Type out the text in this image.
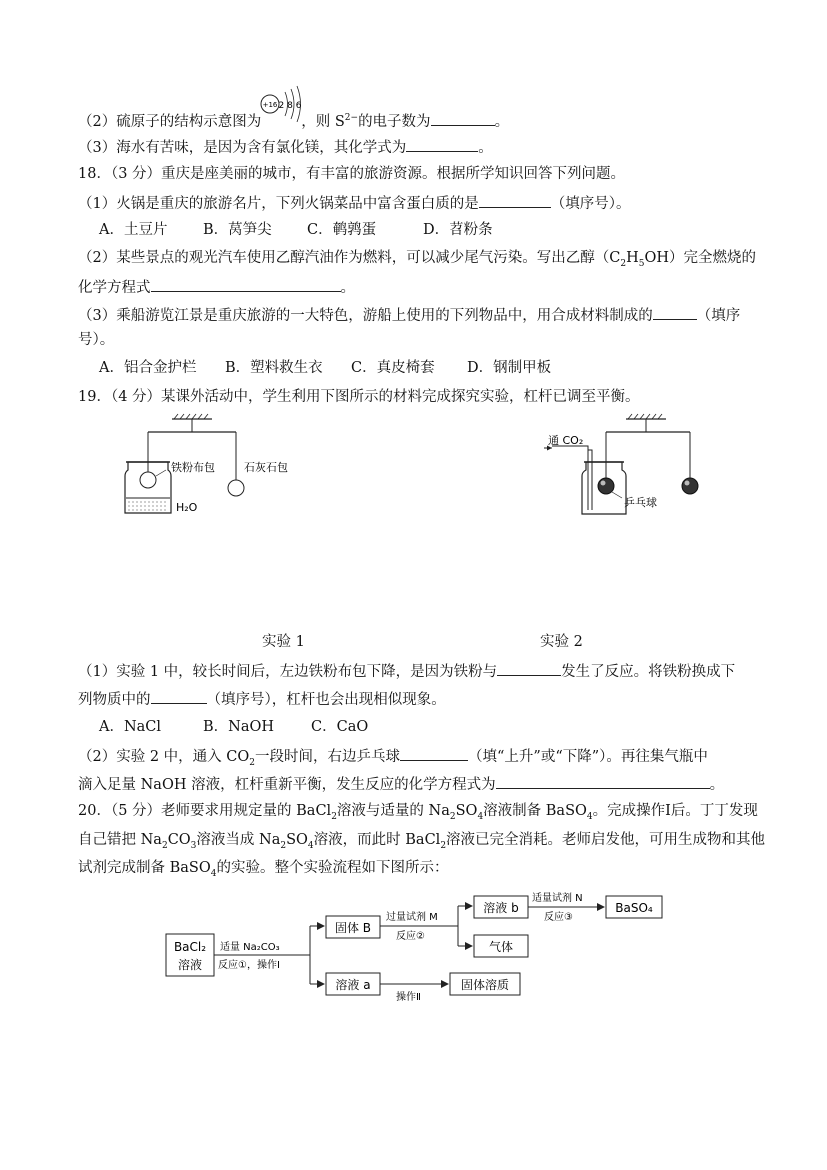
（2）硫原子的结构示意图为	，则 $S^{2-}$的电子数为	。
+16 2 8 6
（3）海水有苦味，是因为含有氯化镁，其化学式为	。
18．（3 分）重庆是座美丽的城市，有丰富的旅游资源。根据所学知识回答下列问题。
（1）火锅是重庆的旅游名片，下列火锅菜品中富含蛋白质的是	（填序号）。
A．土豆片 B．莴笋尖 C．鹌鹑蛋	D．苕粉条
（2）某些景点的观光汽车使用乙醇汽油作为燃料，可以减少尾气污染。写出乙醇$(C_2H_5OH)$完全燃烧的
化学方程式	。
（3）乘船游览江景是重庆旅游的一大特色，游船上使用的下列物品中，用合成材料制成的	（填序
号）。
A．铝合金护栏 B．塑料救生衣 C．真皮椅套 D．钢制甲板
19．（4 分）某课外活动中，学生利用下图所示的材料完成探究实验，杠杆已调至平衡。
铁粉布包	石灰石包
H₂O
通 CO₂
乒乓球
实验 1	实验 2
（1）实验 1 中，较长时间后，左边铁粉布包下降，是因为铁粉与	发生了反应。将铁粉换成下
列物质中的	（填序号），杠杆也会出现相似现象。
A．NaCl	B．NaOH	C．CaO
（2）实验 2 中，通入 $CO_2$一段时间，右边乒乓球	（填“上升”或“下降”）。再往集气瓶中
滴入足量 NaOH 溶液，杠杆重新平衡，发生反应的化学方程式为	。
20．（5 分）老师要求用规定量的 BaCl$_2$溶液与适量的 $Na_2SO_4$溶液制备 BaSO$_4$。完成操作Ⅰ后。丁丁发现
自己错把 $Na_2CO_3$溶液当成 $Na_2SO_4$溶液，而此时 BaCl$_2$溶液已完全消耗。老师启发他，可用生成物和其他
试剂完成制备 BaSO$_4$的实验。整个实验流程如下图所示：
BaCl₂
溶液
适量 Na₂CO₃
反应①，操作Ⅰ
固体 B
过量试剂 M
反应②
溶液 b
适量试剂 N
反应③
BaSO₄
气体
溶液 a
操作Ⅱ
固体溶质
